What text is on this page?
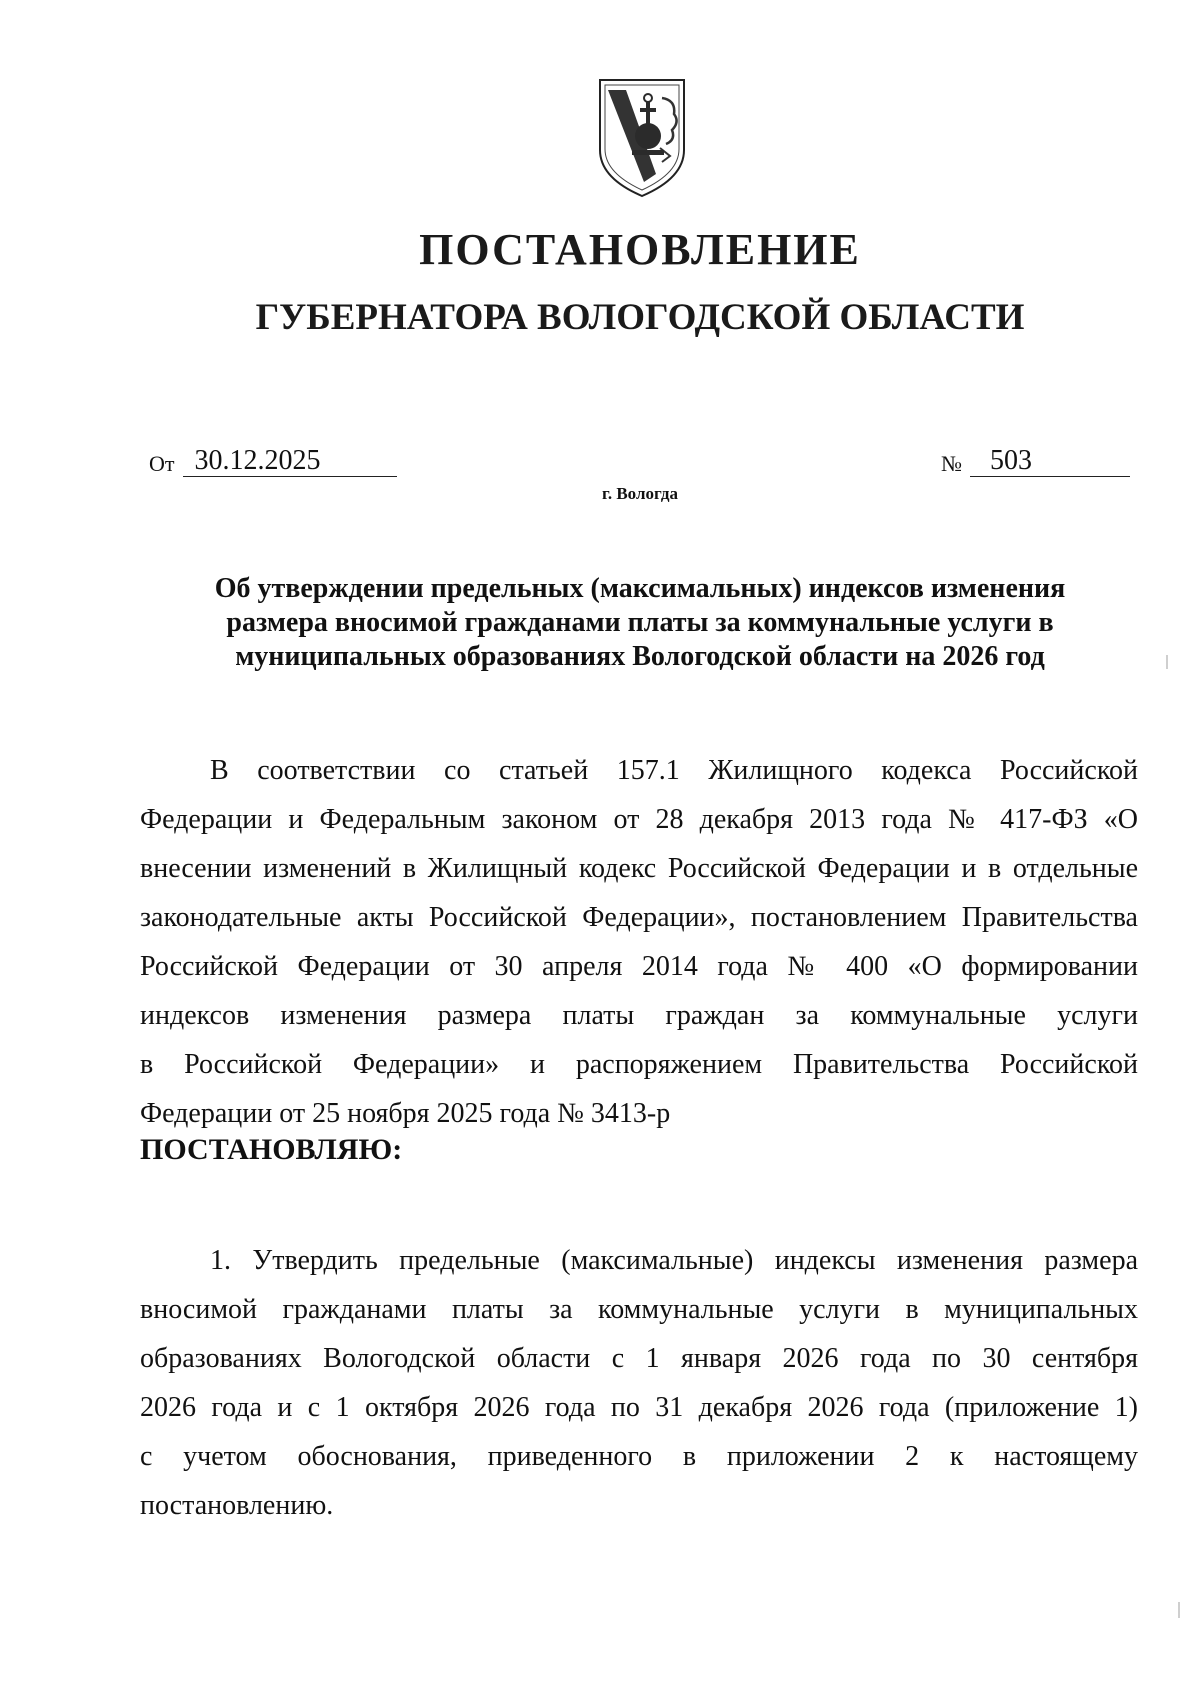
ПОСТАНОВЛЕНИЕ
ГУБЕРНАТОРА ВОЛОГОДСКОЙ ОБЛАСТИ
От 30.12.2025	№ 503
г. Вологда
Об утверждении предельных (максимальных) индексов изменения
размера вносимой гражданами платы за коммунальные услуги в
муниципальных образованиях Вологодской области на 2026 год
В соответствии со статьей 157.1 Жилищного кодекса Российской
Федерации и Федеральным законом от 28 декабря 2013 года № 417-ФЗ «О
внесении изменений в Жилищный кодекс Российской Федерации и в отдельные
законодательные акты Российской Федерации», постановлением Правительства
Российской Федерации от 30 апреля 2014 года № 400 «О формировании
индексов изменения размера платы граждан за коммунальные услуги
в Российской Федерации» и распоряжением Правительства Российской
Федерации от 25 ноября 2025 года № 3413-р
ПОСТАНОВЛЯЮ:
1. Утвердить предельные (максимальные) индексы изменения размера
вносимой гражданами платы за коммунальные услуги в муниципальных
образованиях Вологодской области с 1 января 2026 года по 30 сентября
2026 года и с 1 октября 2026 года по 31 декабря 2026 года (приложение 1)
с учетом обоснования, приведенного в приложении 2 к настоящему
постановлению.
